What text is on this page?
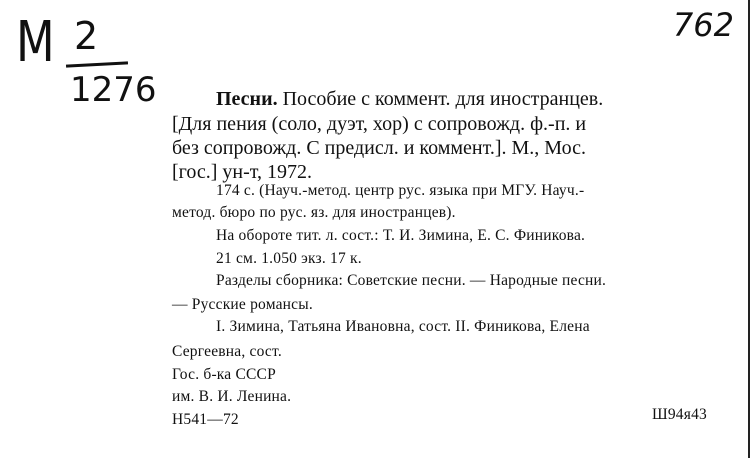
M 2
1276
762
Песни. Пособие с коммент. для иностранцев.
[Для пения (соло, дуэт, хор) с сопровожд. ф.-п. и
без сопровожд. С предисл. и коммент.]. М., Мос.
[гос.] ун-т, 1972.
174 с. (Науч.-метод. центр рус. языка при МГУ. Науч.-
метод. бюро по рус. яз. для иностранцев).
На обороте тит. л. сост.: Т. И. Зимина, Е. С. Финикова.
21 см. 1.050 экз. 17 к.
Разделы сборника: Советские песни. — Народные песни.
— Русские романсы.
I. Зимина, Татьяна Ивановна, сост. II. Финикова, Елена
Сергеевна, сост.
Гос. б-ка СССР
им. В. И. Ленина.
Н541—72	Ш94я43
